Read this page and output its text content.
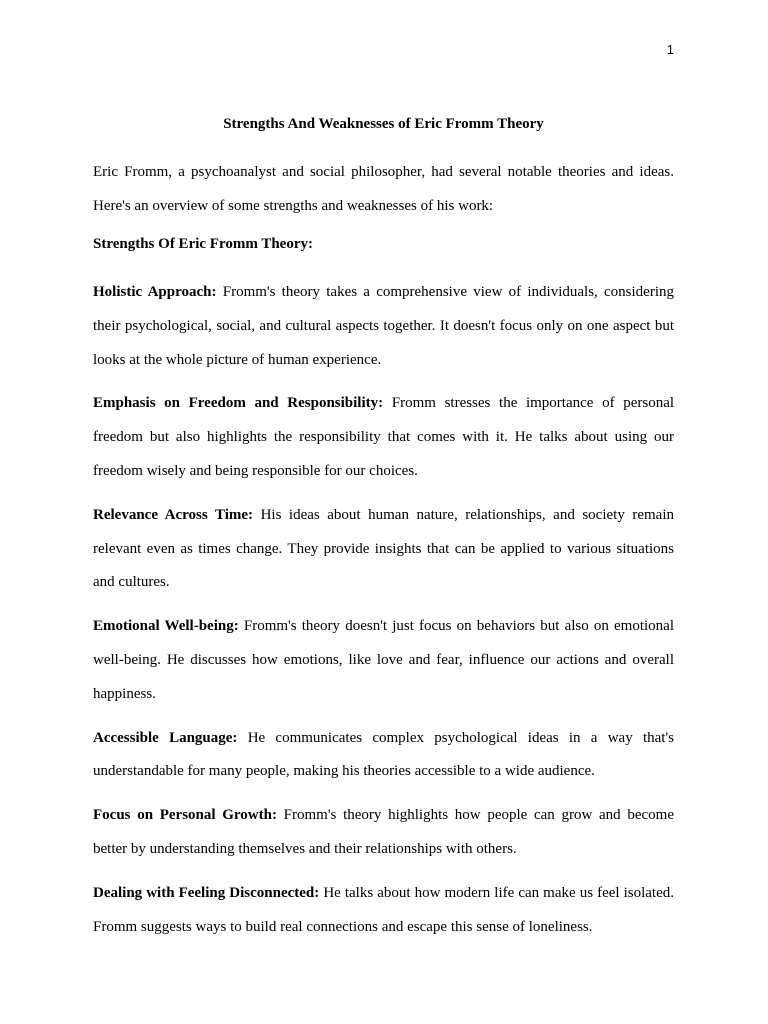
1
Strengths And Weaknesses of Eric Fromm Theory

Eric Fromm, a psychoanalyst and social philosopher, had several notable theories and ideas. Here's an overview of some strengths and weaknesses of his work:

Strengths Of Eric Fromm Theory:

Holistic Approach: Fromm's theory takes a comprehensive view of individuals, considering their psychological, social, and cultural aspects together. It doesn't focus only on one aspect but looks at the whole picture of human experience.

Emphasis on Freedom and Responsibility: Fromm stresses the importance of personal freedom but also highlights the responsibility that comes with it. He talks about using our freedom wisely and being responsible for our choices.

Relevance Across Time: His ideas about human nature, relationships, and society remain relevant even as times change. They provide insights that can be applied to various situations and cultures.

Emotional Well-being: Fromm's theory doesn't just focus on behaviors but also on emotional well-being. He discusses how emotions, like love and fear, influence our actions and overall happiness.

Accessible Language: He communicates complex psychological ideas in a way that's understandable for many people, making his theories accessible to a wide audience.

Focus on Personal Growth: Fromm's theory highlights how people can grow and become better by understanding themselves and their relationships with others.

Dealing with Feeling Disconnected: He talks about how modern life can make us feel isolated. Fromm suggests ways to build real connections and escape this sense of loneliness.
